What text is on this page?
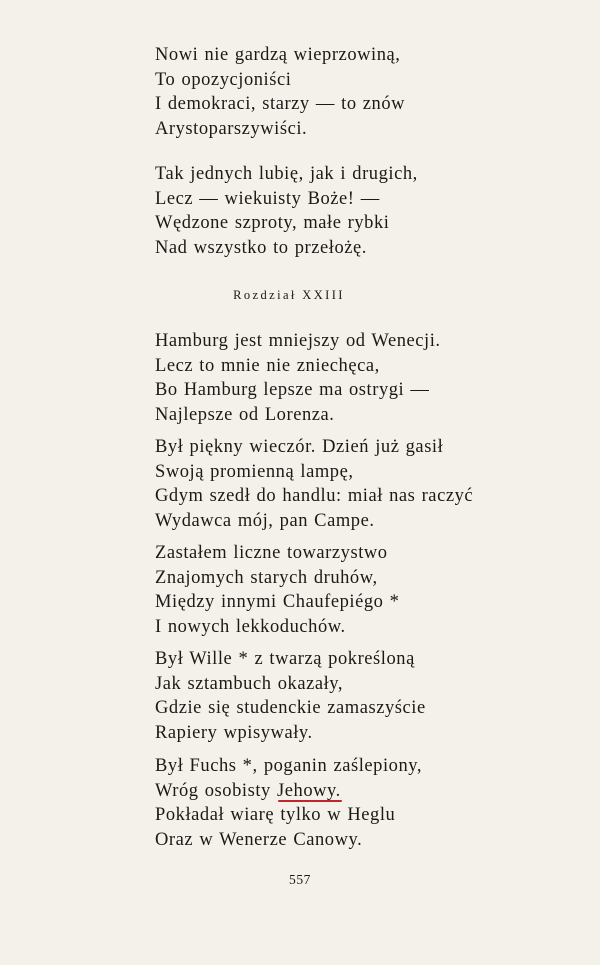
Nowi nie gardzą wieprzowiną,
To opozycjoniści
I demokraci, starzy — to znów
Arystoparszywiści.
Tak jednych lubię, jak i drugich,
Lecz — wiekuisty Boże! —
Wędzone szproty, małe rybki
Nad wszystko to przełożę.
Rozdział XXIII
Hamburg jest mniejszy od Wenecji.
Lecz to mnie nie zniechęca,
Bo Hamburg lepsze ma ostrygi —
Najlepsze od Lorenza.
Był piękny wieczór. Dzień już gasił
Swoją promienną lampę,
Gdym szedł do handlu: miał nas raczyć
Wydawca mój, pan Campe.
Zastałem liczne towarzystwo
Znajomych starych druhów,
Między innymi Chaufepiégo *
I nowych lekkoduchów.
Był Wille * z twarzą pokreśloną
Jak sztambuch okazały,
Gdzie się studenckie zamaszyście
Rapiery wpisywały.
Był Fuchs *, poganin zaślepiony,
Wróg osobisty Jehowy.
Pokładał wiarę tylko w Heglu
Oraz w Wenerze Canowy.
557
